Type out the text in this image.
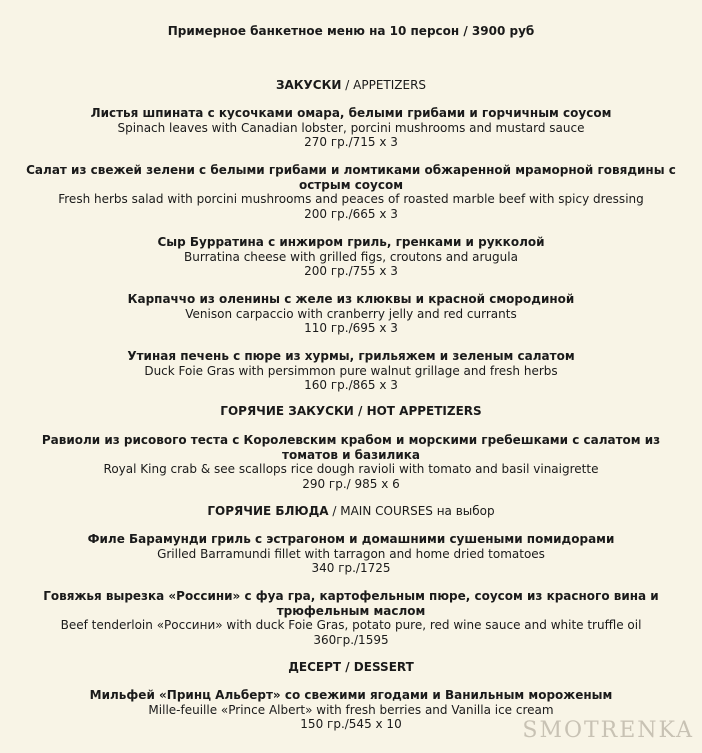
Примерное банкетное меню на 10 персон / 3900 руб
ЗАКУСКИ / APPETIZERS
Листья шпината с кусочками омара, белыми грибами и горчичным соусом
Spinach leaves with Canadian lobster, porcini mushrooms and mustard sauce
270 гр./715 х 3
Салат из свежей зелени с белыми грибами и ломтиками обжаренной мраморной говядины с острым соусом
Fresh herbs salad with porcini mushrooms and peaces of roasted marble beef with spicy dressing
200 гр./665 х 3
Сыр Бурратина с инжиром гриль, гренками и рукколой
Burratina cheese with grilled figs, croutons and arugula
200 гр./755 х 3
Карпаччо из оленины с желе из клюквы и красной смородиной
Venison carpaccio with cranberry jelly and red currants
110 гр./695 х 3
Утиная печень с пюре из хурмы, грильяжем и зеленым салатом
Duck Foie Gras with persimmon pure walnut grillage and fresh herbs
160 гр./865 х 3
ГОРЯЧИЕ ЗАКУСКИ / HOT APPETIZERS
Равиоли из рисового теста с Королевским крабом и морскими гребешками с салатом из томатов и базилика
Royal King crab & see scallops rice dough ravioli with tomato and basil vinaigrette
290 гр./ 985 х 6
ГОРЯЧИЕ БЛЮДА / MAIN COURSES на выбор
Филе Барамунди гриль с эстрагоном и домашними сушеными помидорами
Grilled Barramundi fillet with tarragon and home dried tomatoes
340 гр./1725
Говяжья вырезка «Россини» с фуа гра, картофельным пюре, соусом из красного вина и трюфельным маслом
Beef tenderloin «Россини» with duck Foie Gras, potato pure, red wine sauce and white truffle oil
360гр./1595
ДЕСЕРТ / DESSERT
Мильфей «Принц Альберт» со свежими ягодами и Ванильным мороженым
Mille-feuille «Prince Albert» with fresh berries and Vanilla ice cream
150 гр./545 х 10	SMOTRENKA
